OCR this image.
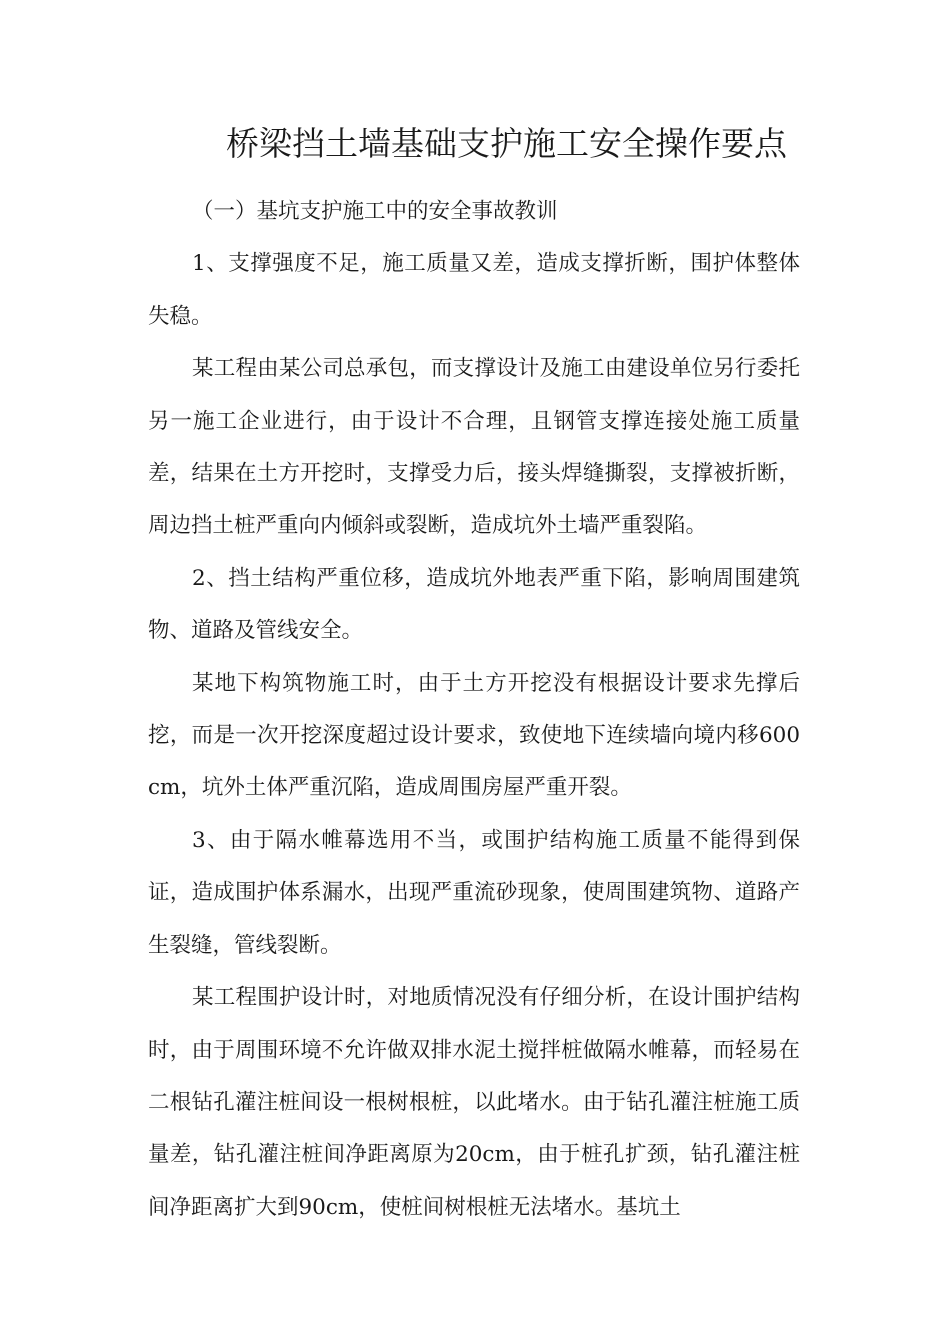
桥梁挡土墙基础支护施工安全操作要点

（一）基坑支护施工中的安全事故教训

1、支撑强度不足，施工质量又差，造成支撑折断，围护体整体失稳。

某工程由某公司总承包，而支撑设计及施工由建设单位另行委托另一施工企业进行，由于设计不合理，且钢管支撑连接处施工质量差，结果在土方开挖时，支撑受力后，接头焊缝撕裂，支撑被折断，周边挡土桩严重向内倾斜或裂断，造成坑外土墙严重裂陷。

2、挡土结构严重位移，造成坑外地表严重下陷，影响周围建筑物、道路及管线安全。

某地下构筑物施工时，由于土方开挖没有根据设计要求先撑后挖，而是一次开挖深度超过设计要求，致使地下连续墙向境内移600cm，坑外土体严重沉陷，造成周围房屋严重开裂。

3、由于隔水帷幕选用不当，或围护结构施工质量不能得到保证，造成围护体系漏水，出现严重流砂现象，使周围建筑物、道路产生裂缝，管线裂断。

某工程围护设计时，对地质情况没有仔细分析，在设计围护结构时，由于周围环境不允许做双排水泥土搅拌桩做隔水帷幕，而轻易在二根钻孔灌注桩间设一根树根桩，以此堵水。由于钻孔灌注桩施工质量差，钻孔灌注桩间净距离原为20cm，由于桩孔扩颈，钻孔灌注桩间净距离扩大到90cm，使桩间树根桩无法堵水。基坑土
